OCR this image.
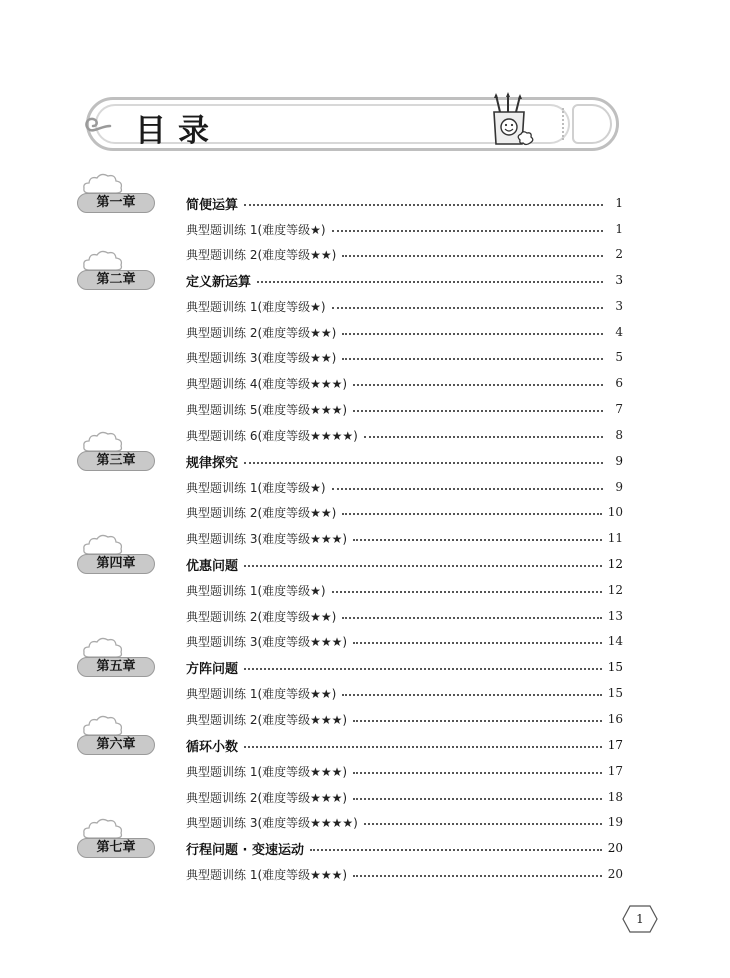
目录
第一章
第二章
第三章
第四章
第五章
第六章
第七章
简便运算	1
典型题训练 1(难度等级★)	1
典型题训练 2(难度等级★★)	2
定义新运算	3
典型题训练 1(难度等级★)	3
典型题训练 2(难度等级★★)	4
典型题训练 3(难度等级★★)	5
典型题训练 4(难度等级★★★)	6
典型题训练 5(难度等级★★★)	7
典型题训练 6(难度等级★★★★)	8
规律探究	9
典型题训练 1(难度等级★)	9
典型题训练 2(难度等级★★)	10
典型题训练 3(难度等级★★★)	11
优惠问题	12
典型题训练 1(难度等级★)	12
典型题训练 2(难度等级★★)	13
典型题训练 3(难度等级★★★)	14
方阵问题	15
典型题训练 1(难度等级★★)	15
典型题训练 2(难度等级★★★)	16
循环小数	17
典型题训练 1(难度等级★★★)	17
典型题训练 2(难度等级★★★)	18
典型题训练 3(难度等级★★★★)	19
行程问题 · 变速运动	20
典型题训练 1(难度等级★★★)	20
1
